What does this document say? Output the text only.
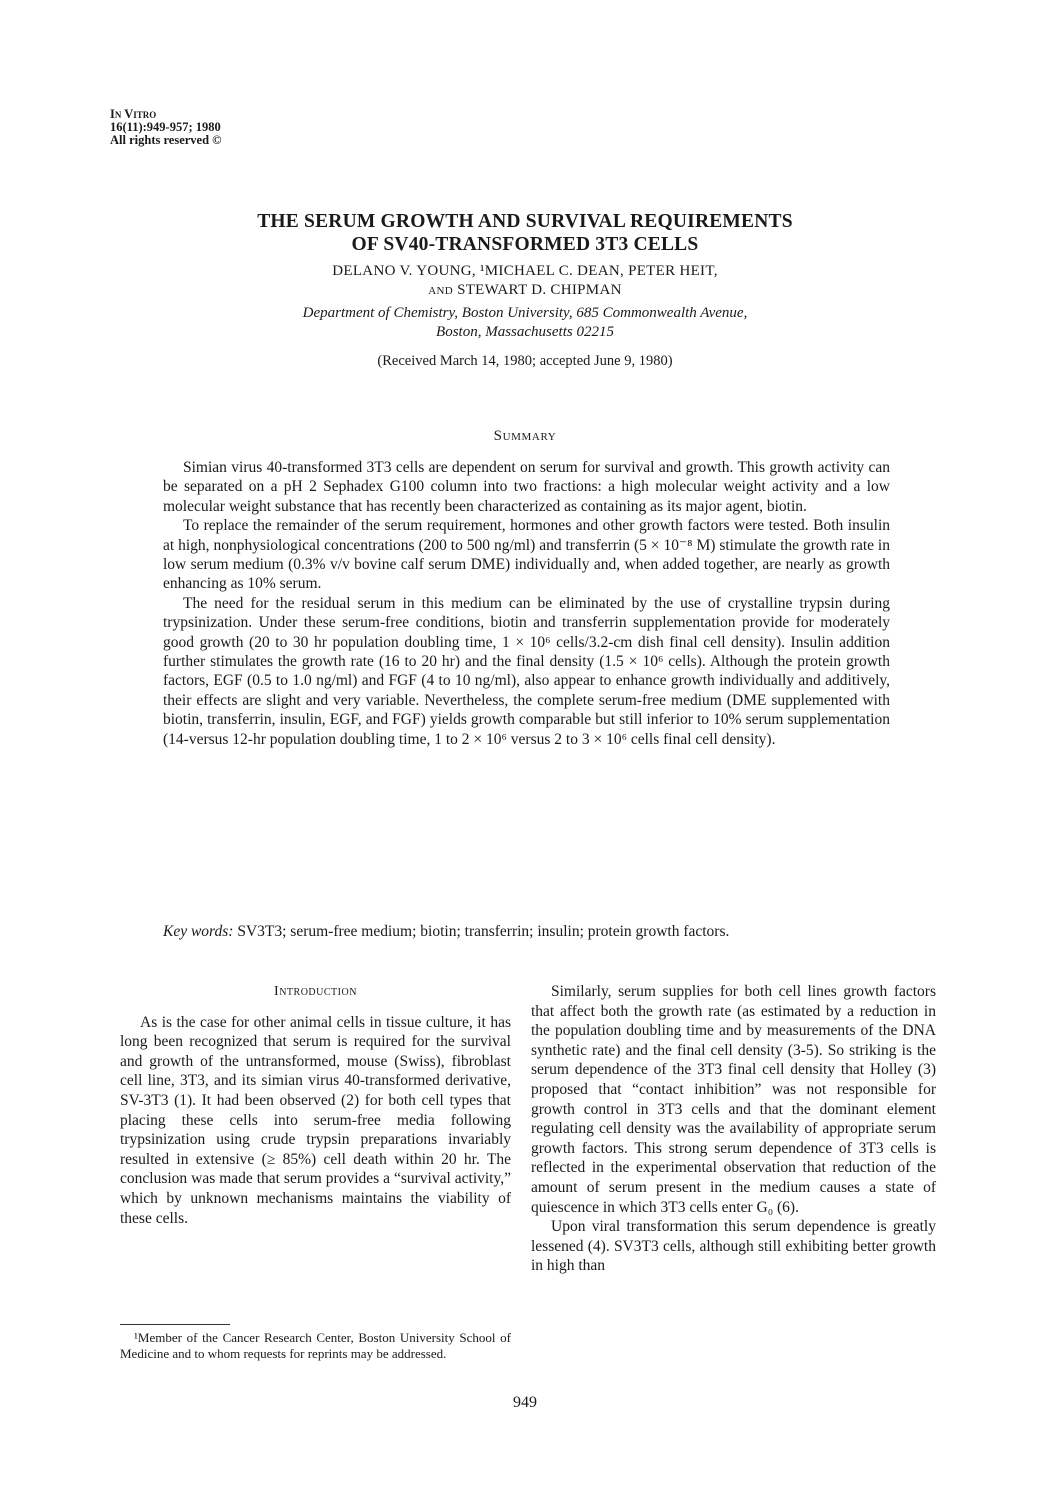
In Vitro
16(11):949-957; 1980
All rights reserved ©
THE SERUM GROWTH AND SURVIVAL REQUIREMENTS
OF SV40-TRANSFORMED 3T3 CELLS
DELANO V. YOUNG, ¹MICHAEL C. DEAN, PETER HEIT,
and STEWART D. CHIPMAN
Department of Chemistry, Boston University, 685 Commonwealth Avenue,
Boston, Massachusetts 02215
(Received March 14, 1980; accepted June 9, 1980)
Summary

Simian virus 40-transformed 3T3 cells are dependent on serum for survival and growth. This growth activity can be separated on a pH 2 Sephadex G100 column into two fractions: a high molecular weight activity and a low molecular weight substance that has recently been characterized as containing as its major agent, biotin.

To replace the remainder of the serum requirement, hormones and other growth factors were tested. Both insulin at high, nonphysiological concentrations (200 to 500 ng/ml) and transferrin (5 × 10⁻⁸ M) stimulate the growth rate in low serum medium (0.3% v/v bovine calf serum DME) individually and, when added together, are nearly as growth enhancing as 10% serum.

The need for the residual serum in this medium can be eliminated by the use of crystalline trypsin during trypsinization. Under these serum-free conditions, biotin and transferrin supplementation provide for moderately good growth (20 to 30 hr population doubling time, 1 × 10⁶ cells/3.2-cm dish final cell density). Insulin addition further stimulates the growth rate (16 to 20 hr) and the final density (1.5 × 10⁶ cells). Although the protein growth factors, EGF (0.5 to 1.0 ng/ml) and FGF (4 to 10 ng/ml), also appear to enhance growth individually and additively, their effects are slight and very variable. Nevertheless, the complete serum-free medium (DME supplemented with biotin, transferrin, insulin, EGF, and FGF) yields growth comparable but still inferior to 10% serum supplementation (14-versus 12-hr population doubling time, 1 to 2 × 10⁶ versus 2 to 3 × 10⁶ cells final cell density).

Key words: SV3T3; serum-free medium; biotin; transferrin; insulin; protein growth factors.
Introduction

As is the case for other animal cells in tissue culture, it has long been recognized that serum is required for the survival and growth of the untransformed, mouse (Swiss), fibroblast cell line, 3T3, and its simian virus 40-transformed derivative, SV-3T3 (1). It had been observed (2) for both cell types that placing these cells into serum-free media following trypsinization using crude trypsin preparations invariably resulted in extensive (≥ 85%) cell death within 20 hr. The conclusion was made that serum provides a “survival activity,” which by unknown mechanisms maintains the viability of these cells.

¹Member of the Cancer Research Center, Boston University School of Medicine and to whom requests for reprints may be addressed.

Similarly, serum supplies for both cell lines growth factors that affect both the growth rate (as estimated by a reduction in the population doubling time and by measurements of the DNA synthetic rate) and the final cell density (3-5). So striking is the serum dependence of the 3T3 final cell density that Holley (3) proposed that “contact inhibition” was not responsible for growth control in 3T3 cells and that the dominant element regulating cell density was the availability of appropriate serum growth factors. This strong serum dependence of 3T3 cells is reflected in the experimental observation that reduction of the amount of serum present in the medium causes a state of quiescence in which 3T3 cells enter G₀ (6).

Upon viral transformation this serum dependence is greatly lessened (4). SV3T3 cells, although still exhibiting better growth in high than

949
